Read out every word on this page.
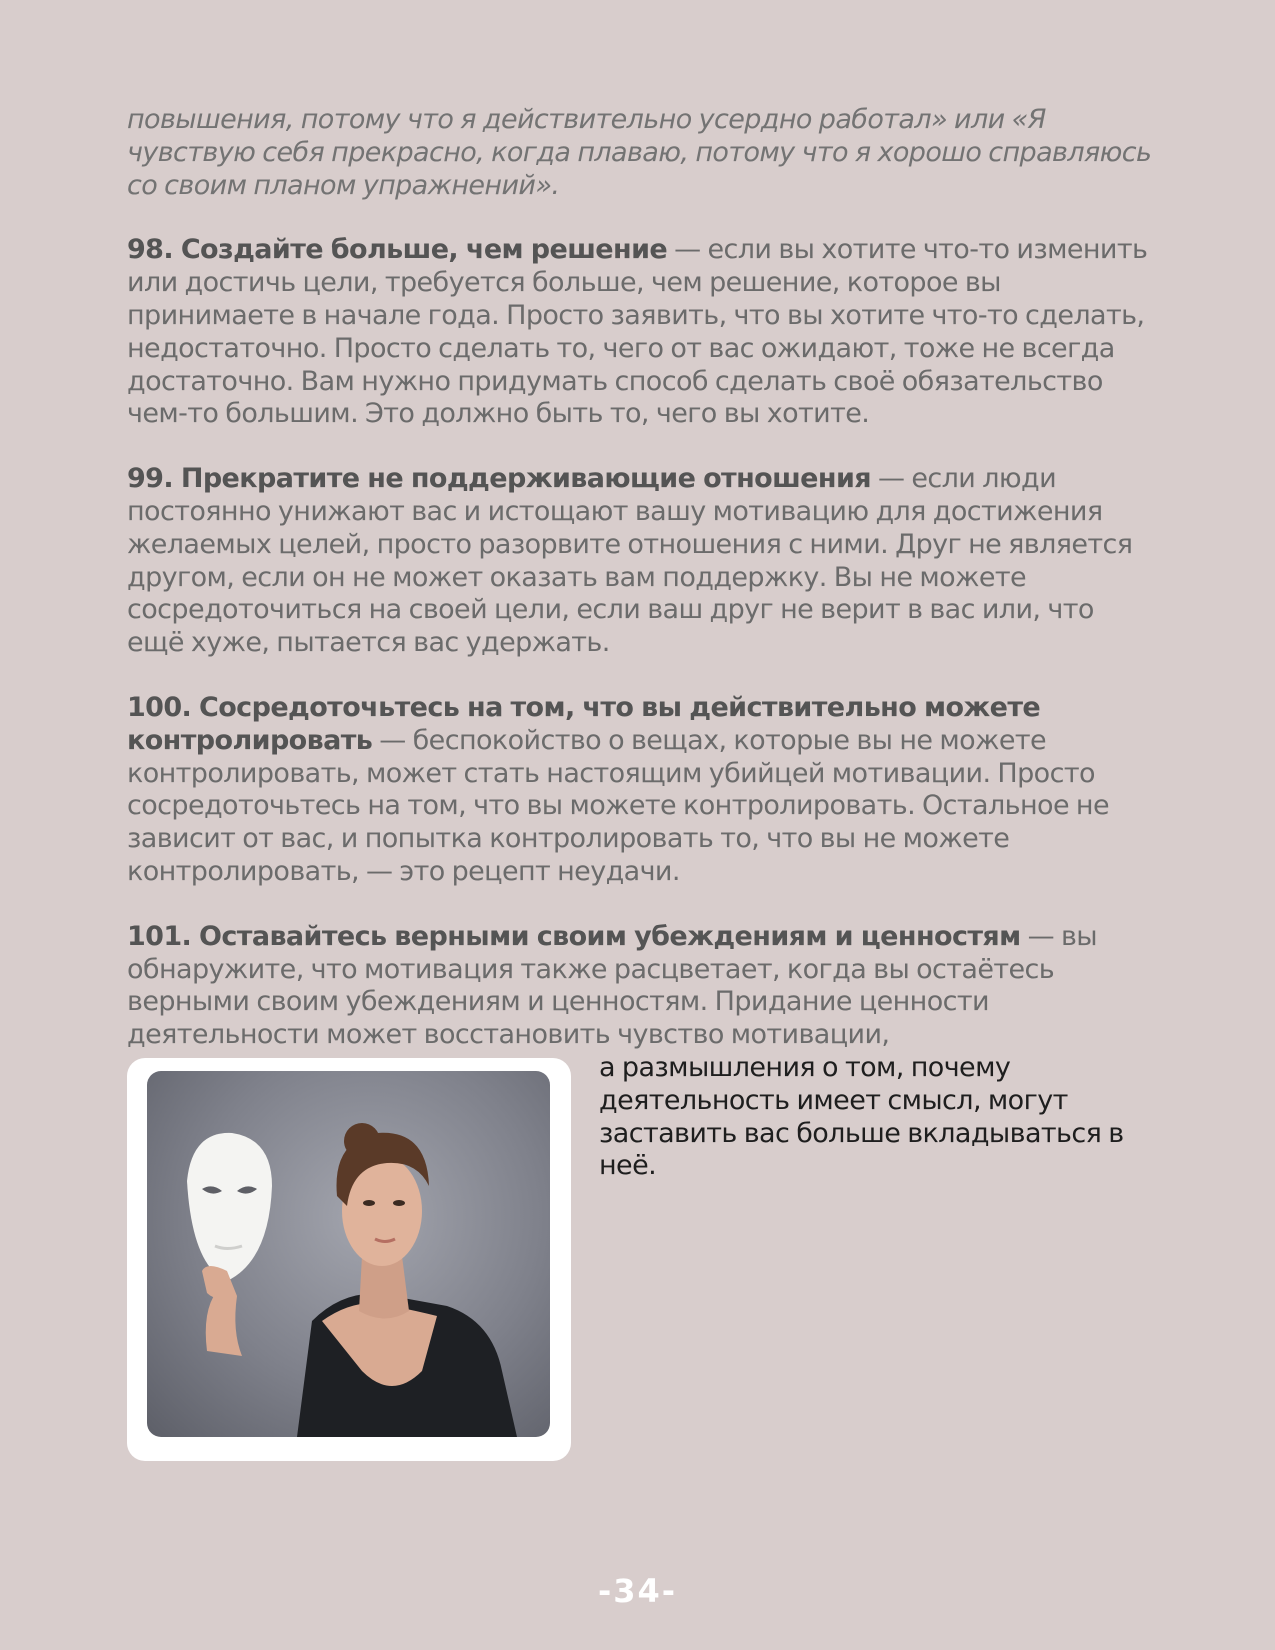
повышения, потому что я действительно усердно работал» или «Я чувствую себя прекрасно, когда плаваю, потому что я хорошо справляюсь со своим планом упражнений».

98. Создайте больше, чем решение — если вы хотите что-то изменить или достичь цели, требуется больше, чем решение, которое вы принимаете в начале года. Просто заявить, что вы хотите что-то сделать, недостаточно. Просто сделать то, чего от вас ожидают, тоже не всегда достаточно. Вам нужно придумать способ сделать своё обязательство чем-то большим. Это должно быть то, чего вы хотите.

99. Прекратите не поддерживающие отношения — если люди постоянно унижают вас и истощают вашу мотивацию для достижения желаемых целей, просто разорвите отношения с ними. Друг не является другом, если он не может оказать вам поддержку. Вы не можете сосредоточиться на своей цели, если ваш друг не верит в вас или, что ещё хуже, пытается вас удержать.

100. Сосредоточьтесь на том, что вы действительно можете контролировать — беспокойство о вещах, которые вы не можете контролировать, может стать настоящим убийцей мотивации. Просто сосредоточьтесь на том, что вы можете контролировать. Остальное не зависит от вас, и попытка контролировать то, что вы не можете контролировать, — это рецепт неудачи.

101. Оставайтесь верными своим убеждениям и ценностям — вы обнаружите, что мотивация также расцветает, когда вы остаётесь верными своим убеждениям и ценностям. Придание ценности деятельности может восстановить чувство мотивации,

а размышления о том, почему деятельность имеет смысл, могут заставить вас больше вкладываться в неё.
-34-
